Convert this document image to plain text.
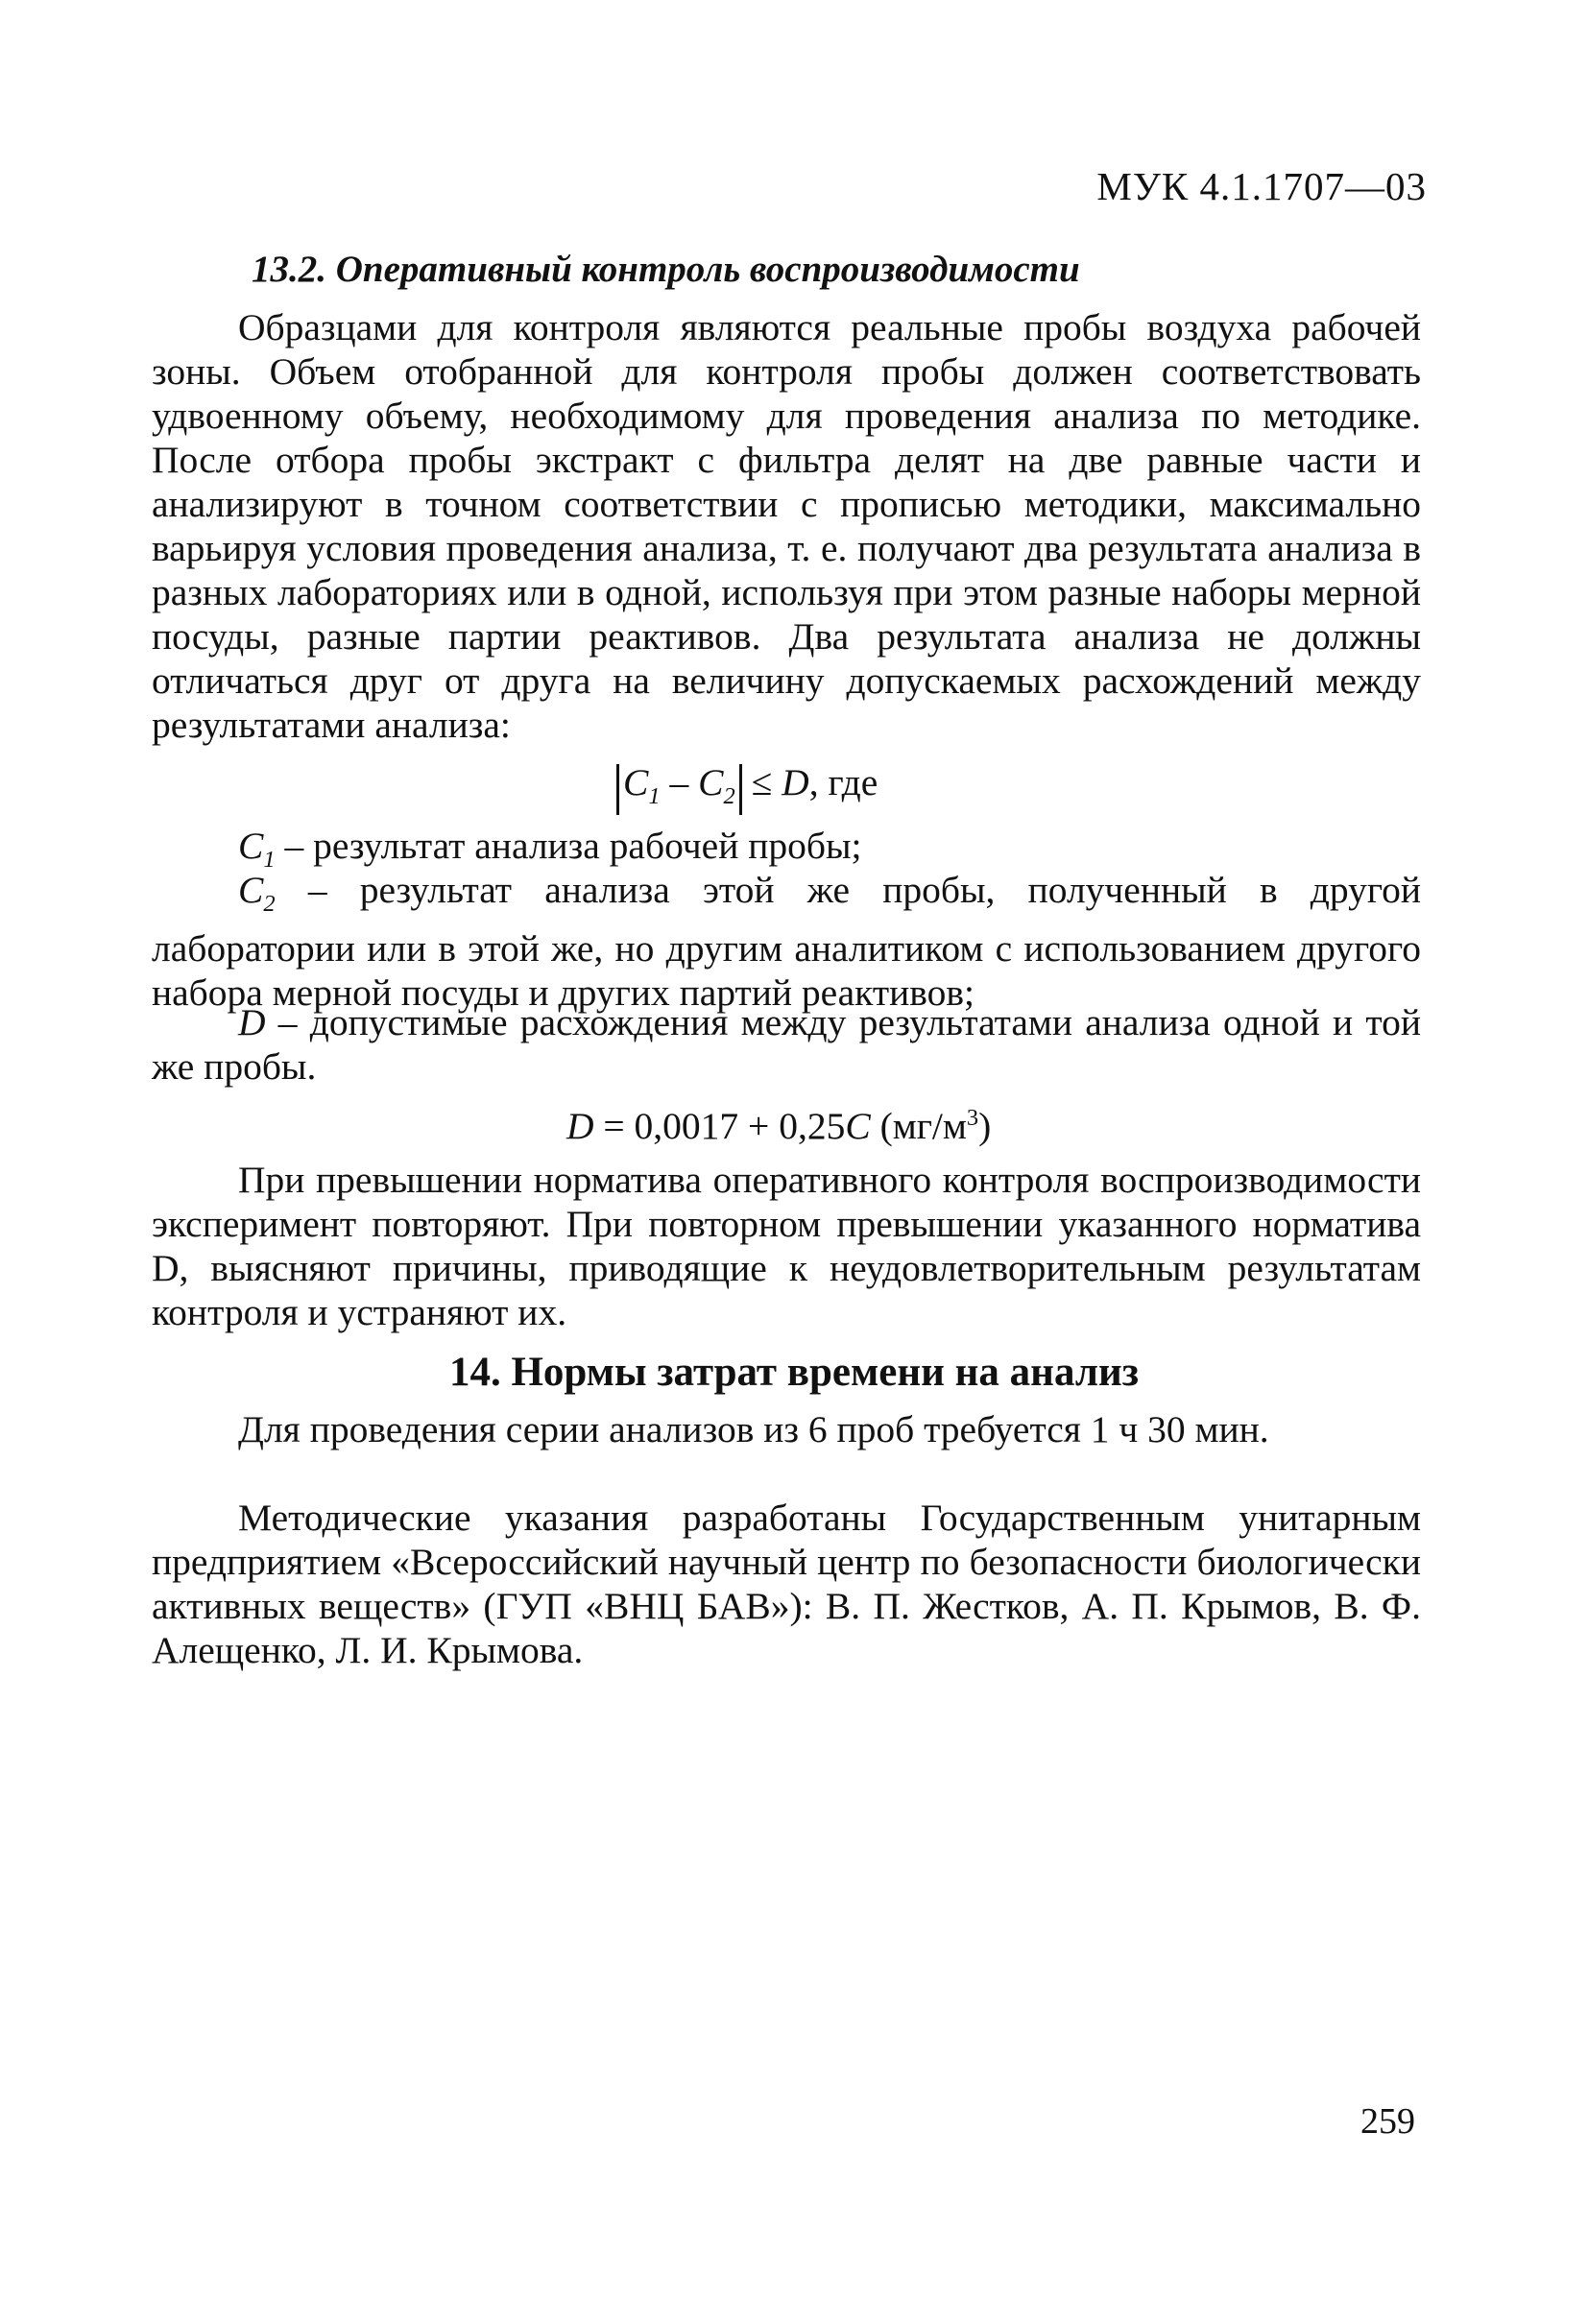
МУК 4.1.1707—03
13.2. Оперативный контроль воспроизводимости
Образцами для контроля являются реальные пробы воздуха рабочей зоны. Объем отобранной для контроля пробы должен соответствовать удвоенному объему, необходимому для проведения анализа по методике. После отбора пробы экстракт с фильтра делят на две равные части и анализируют в точном соответствии с прописью методики, максимально варьируя условия проведения анализа, т. е. получают два результата анализа в разных лабораториях или в одной, используя при этом разные наборы мерной посуды, разные партии реактивов. Два результата анализа не должны отличаться друг от друга на величину допускаемых расхождений между результатами анализа:
$C_1 - C_2 \le D$, где
$C_1$ – результат анализа рабочей пробы;
$C_2$ – результат анализа этой же пробы, полученный в другой лаборатории или в этой же, но другим аналитиком с использованием другого набора мерной посуды и других партий реактивов;
D – допустимые расхождения между результатами анализа одной и той же пробы.
D = 0,0017 + 0,25C $(мг/м^3)$
При превышении норматива оперативного контроля воспроизводимости эксперимент повторяют. При повторном превышении указанного норматива D, выясняют причины, приводящие к неудовлетворительным результатам контроля и устраняют их.
14. Нормы затрат времени на анализ
Для проведения серии анализов из 6 проб требуется 1 ч 30 мин.
Методические указания разработаны Государственным унитарным предприятием «Всероссийский научный центр по безопасности биологически активных веществ» (ГУП «ВНЦ БАВ»): В. П. Жестков, А. П. Крымов, В. Ф. Алещенко, Л. И. Крымова.
259
